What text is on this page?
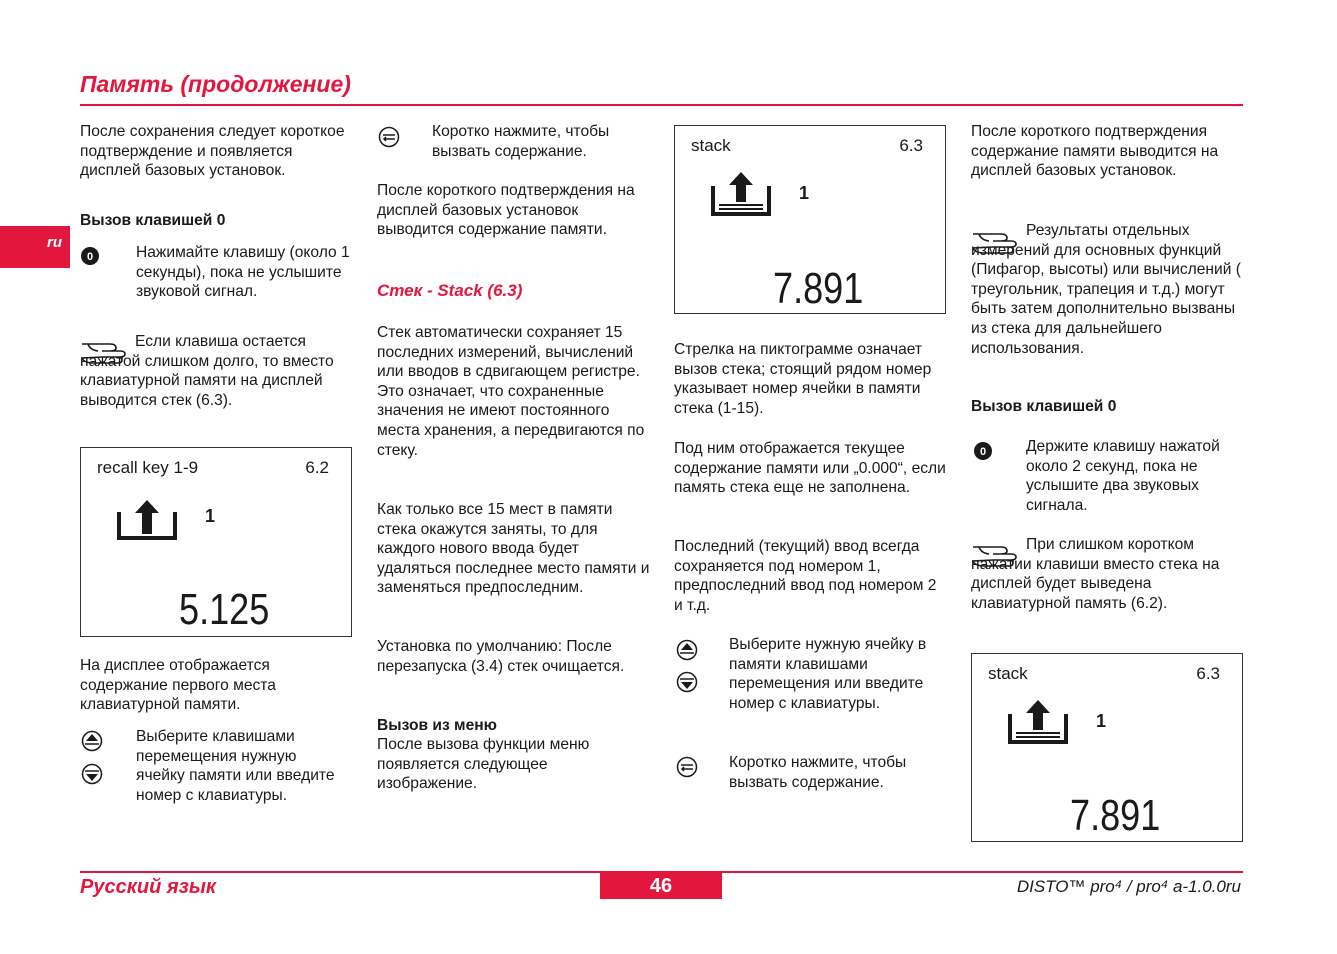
Память (продолжение)
ru
После сохранения следует короткое подтверждение и появляется дисплей базовых установок.
Вызов клавишей 0
0	Нажимайте клавишу (около 1 секунды), пока не услышите звуковой сигнал.
Если клавиша остается нажатой слишком долго, то вместо клавиатурной памяти на дисплей выводится стек (6.3).
recall key 1-9	6.2
1
5.125
На дисплее отображается содержание первого места клавиатурной памяти.
Выберите клавишами перемещения нужную ячейку памяти или введите номер с клавиатуры.
Коротко нажмите, чтобы вызвать содержание.
После короткого подтверждения на дисплей базовых установок выводится содержание памяти.
Стек - Stack (6.3)
Стек автоматически сохраняет 15 последних измерений, вычислений или вводов в сдвигающем регистре. Это означает, что сохраненные значения не имеют постоянного места хранения, а передвигаются по стеку.
Как только все 15 мест в памяти стека окажутся заняты, то для каждого нового ввода будет удаляться последнее место памяти и заменяться предпоследним.
Установка по умолчанию: После перезапуска (3.4) стек очищается.
Вызов из меню
После вызова функции меню появляется следующее изображение.
stack	6.3
1
7.891
Стрелка на пиктограмме означает вызов стека; стоящий рядом номер указывает номер ячейки в памяти стека (1-15).
Под ним отображается текущее содержание памяти или „0.000“, если память стека еще не заполнена.
Последний (текущий) ввод всегда сохраняется под номером 1, предпоследний ввод под номером 2 и т.д.
Выберите нужную ячейку в памяти клавишами перемещения или введите номер с клавиатуры.
Коротко нажмите, чтобы вызвать содержание.
После короткого подтверждения содержание памяти выводится на дисплей базовых установок.
Результаты отдельных измерений для основных функций (Пифагор, высоты) или вычислений ( треугольник, трапеция и т.д.) могут быть затем дополнительно вызваны из стека для дальнейшего использования.
Вызов клавишей 0
0	Держите клавишу нажатой около 2 секунд, пока не услышите два звуковых сигнала.
При слишком коротком нажатии клавиши вместо стека на дисплей будет выведена клавиатурной память (6.2).
stack	6.3
1
7.891
Русский язык	46	DISTO™ pro⁴ / pro⁴ a-1.0.0ru
